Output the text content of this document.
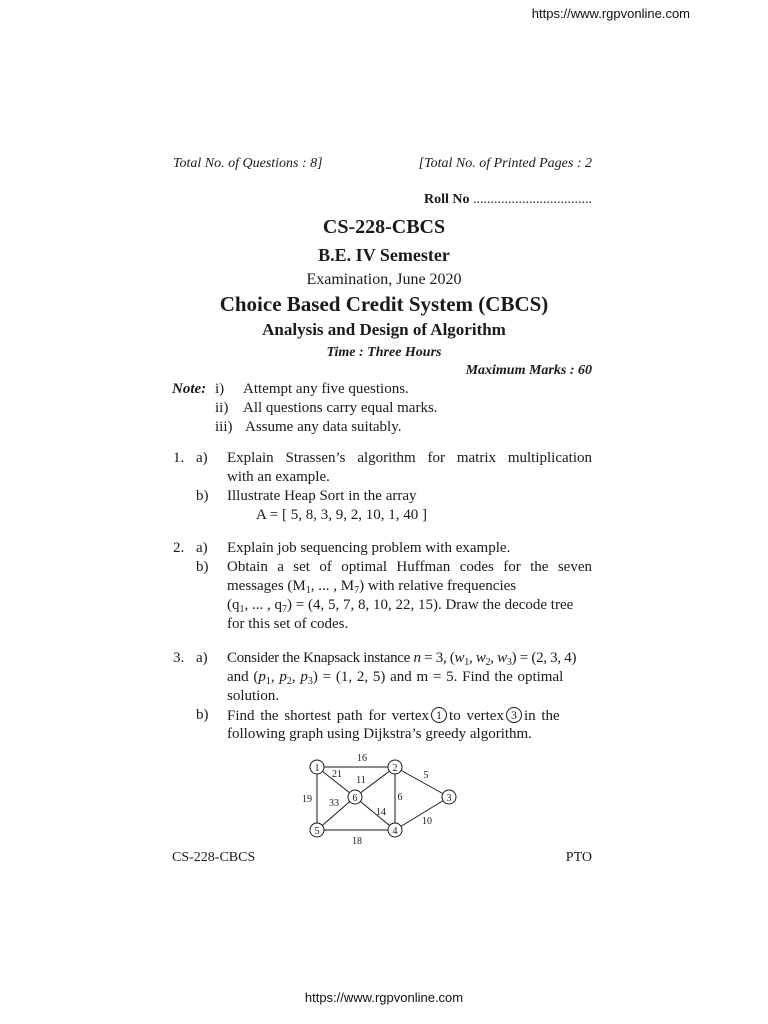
https://www.rgpvonline.com
https://www.rgpvonline.com
Total No. of Questions : 8]	[Total No. of Printed Pages : 2
Roll No ..................................
CS-228-CBCS
B.E. IV Semester
Examination, June 2020
Choice Based Credit System (CBCS)
Analysis and Design of Algorithm
Time : Three Hours
Maximum Marks : 60
Note: i) Attempt any five questions.
ii) All questions carry equal marks.
iii) Assume any data suitably.
1. a) Explain Strassen’s algorithm for matrix multiplication
with an example.
b) Illustrate Heap Sort in the array
A = [ 5, 8, 3, 9, 2, 10, 1, 40 ]
2. a) Explain job sequencing problem with example.
b) Obtain a set of optimal Huffman codes for the seven
messages ($M_1$, ... , $M_7$) with relative frequencies
($q_1$, ... , $q_7) = (4$, 5, 7, 8, 10, 22, 15). Draw the decode tree
for this set of codes.
3. a) Consider the Knapsack instance n = 3, ($w_1$, $w_2$, $w_3) = (2$, 3, 4)
and ($p_1$, $p_2$, $p_3) = (1$, 2, 5) and m = 5. Find the optimal
solution.
b) Find the shortest path for vertex 1 to vertex 3 in the
following graph using Dijkstra’s greedy algorithm.
1	2
3
4
5
6
16
21
11
19 33
14
6
5
10
18
CS-228-CBCS	PTO
